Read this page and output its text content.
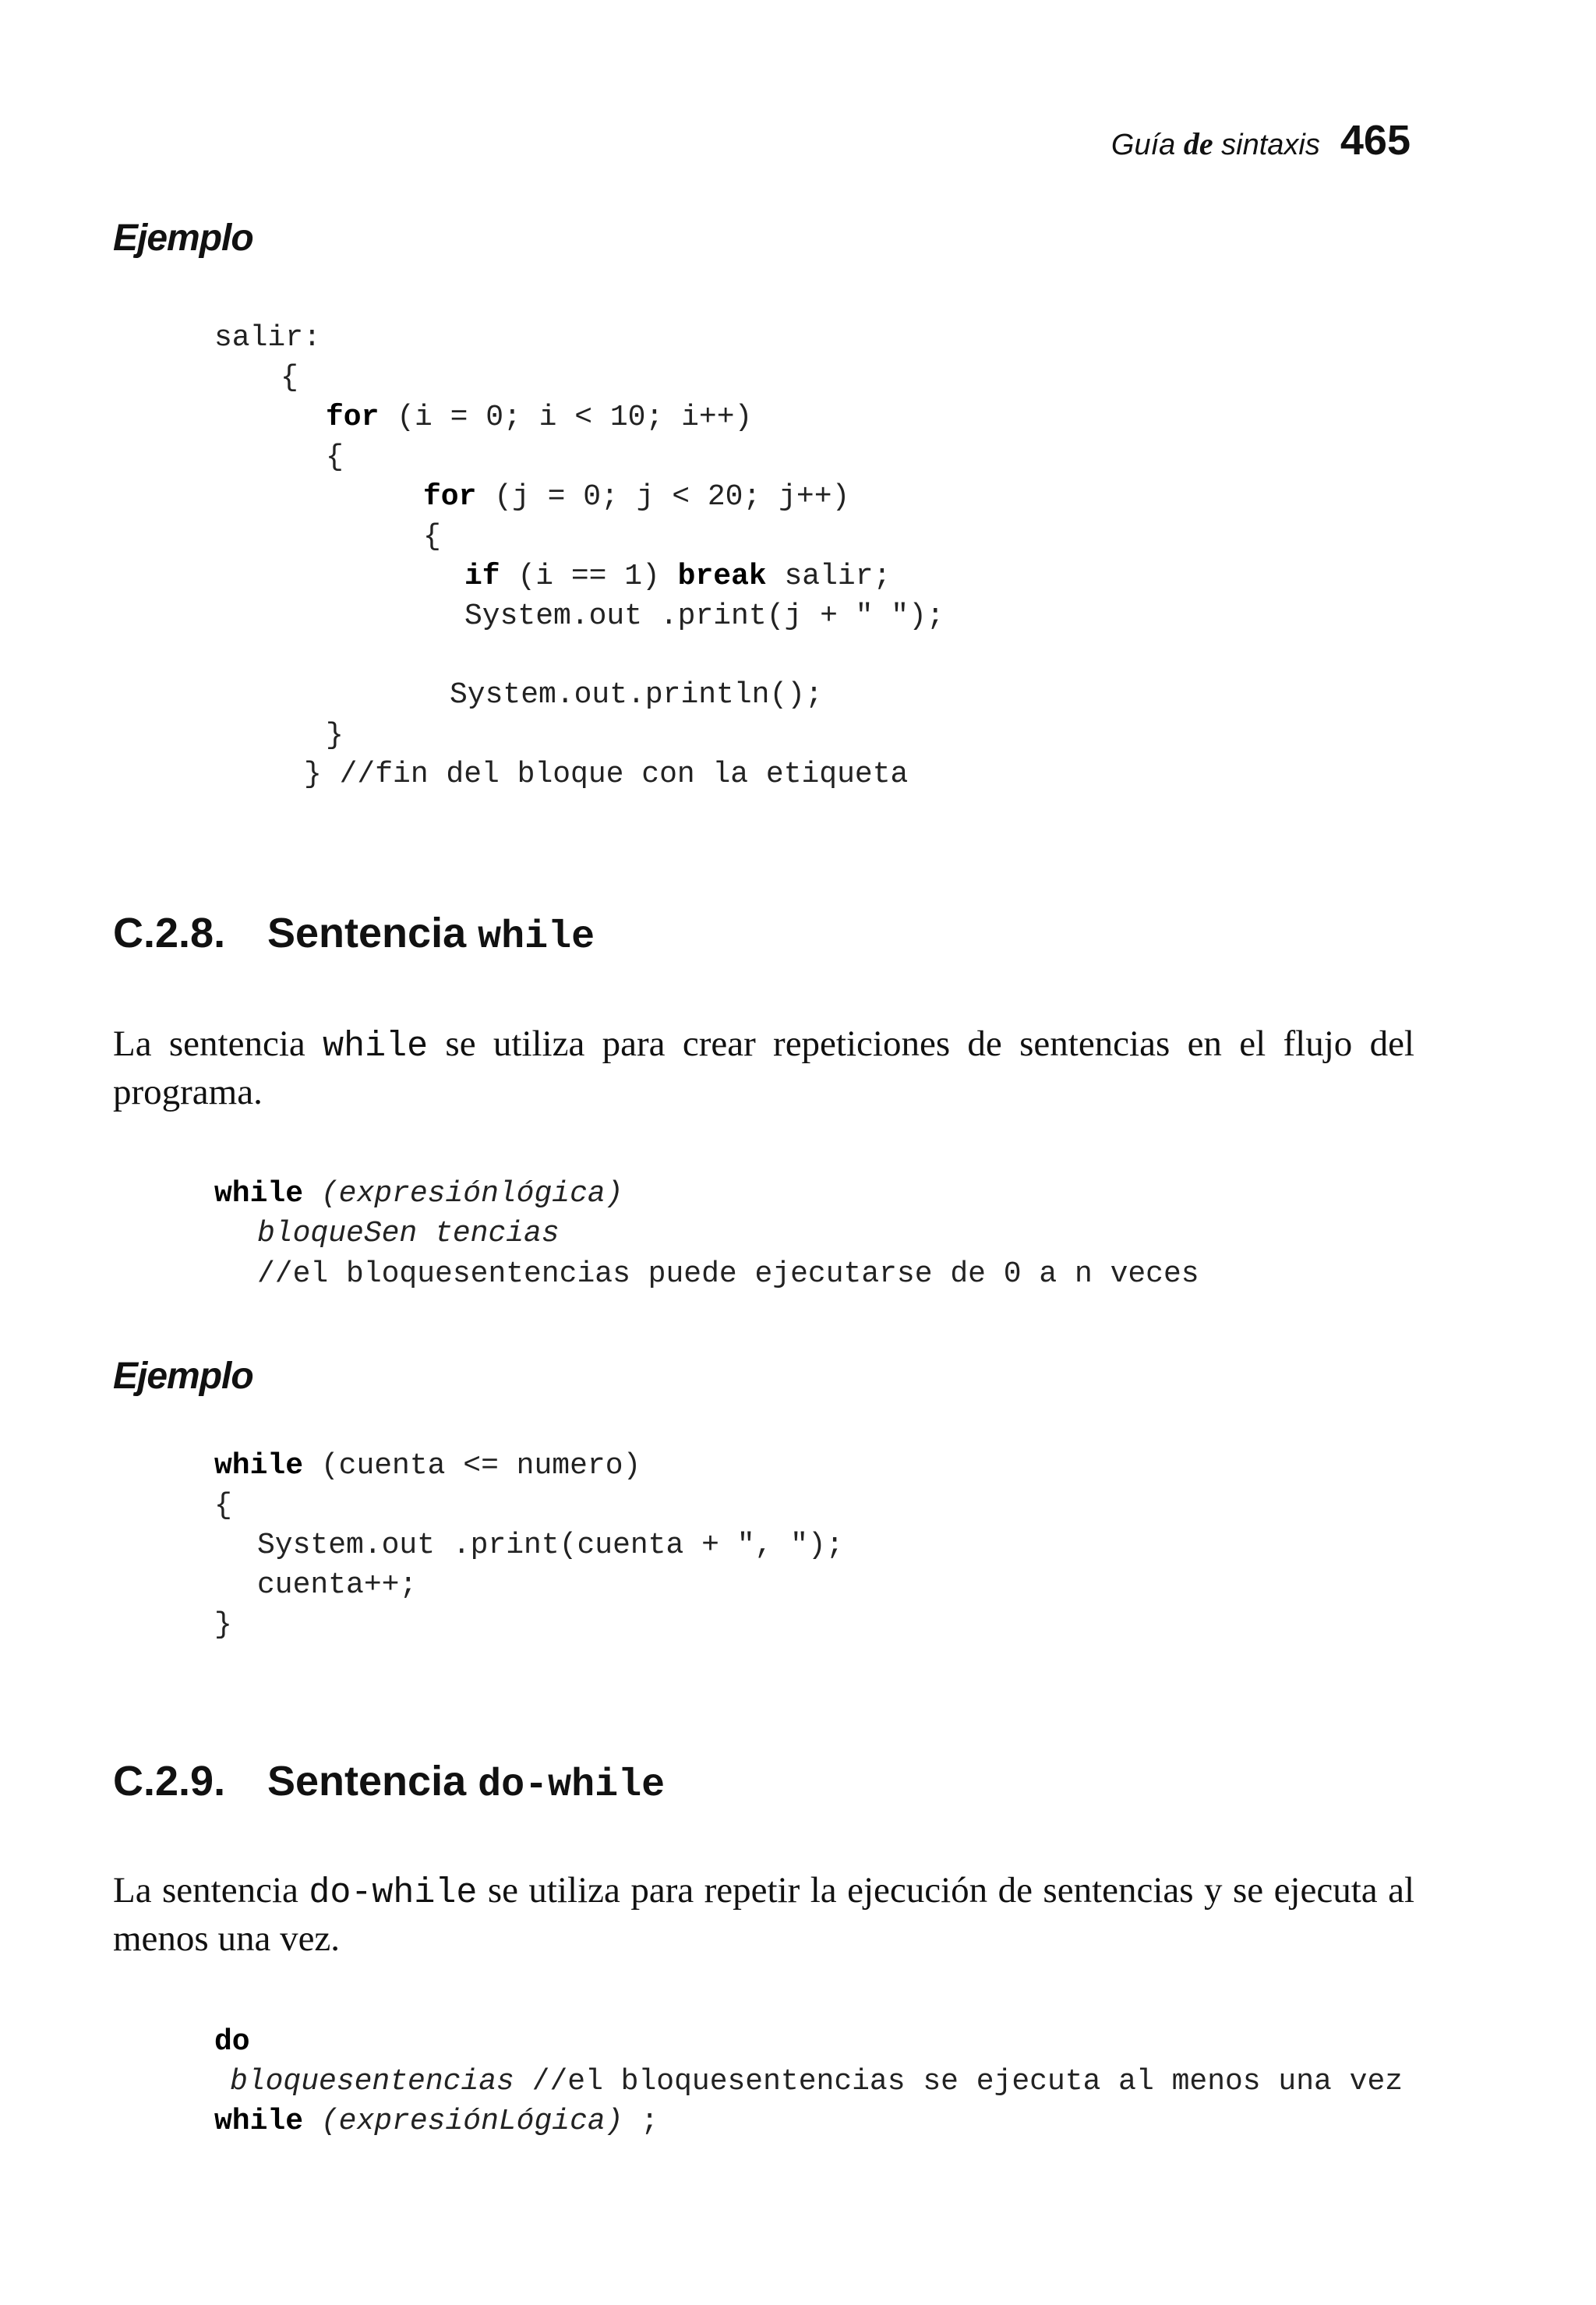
Guía de sintaxis 465
Ejemplo
salir:
{
for (i = 0; i < 10; i++)
{
for (j = 0; j < 20; j++)
{
if (i == 1) break salir;
System.out .print(j + " ");
System.out.println();
}
} //fin del bloque con la etiqueta
C.2.8. Sentencia while

La sentencia while se utiliza para crear repeticiones de sentencias en el flujo del programa.

while (expresiónlógica)
bloqueSen tencias
//el bloquesentencias puede ejecutarse de 0 a n veces
Ejemplo
while (cuenta <= numero)
{
System.out .print(cuenta + ", ");
cuenta++;
}
C.2.9. Sentencia do-while

La sentencia do-while se utiliza para repetir la ejecución de sentencias y se ejecuta al menos una vez.

do
bloquesentencias //el bloquesentencias se ejecuta al menos una vez
while (expresiónLógica) ;
